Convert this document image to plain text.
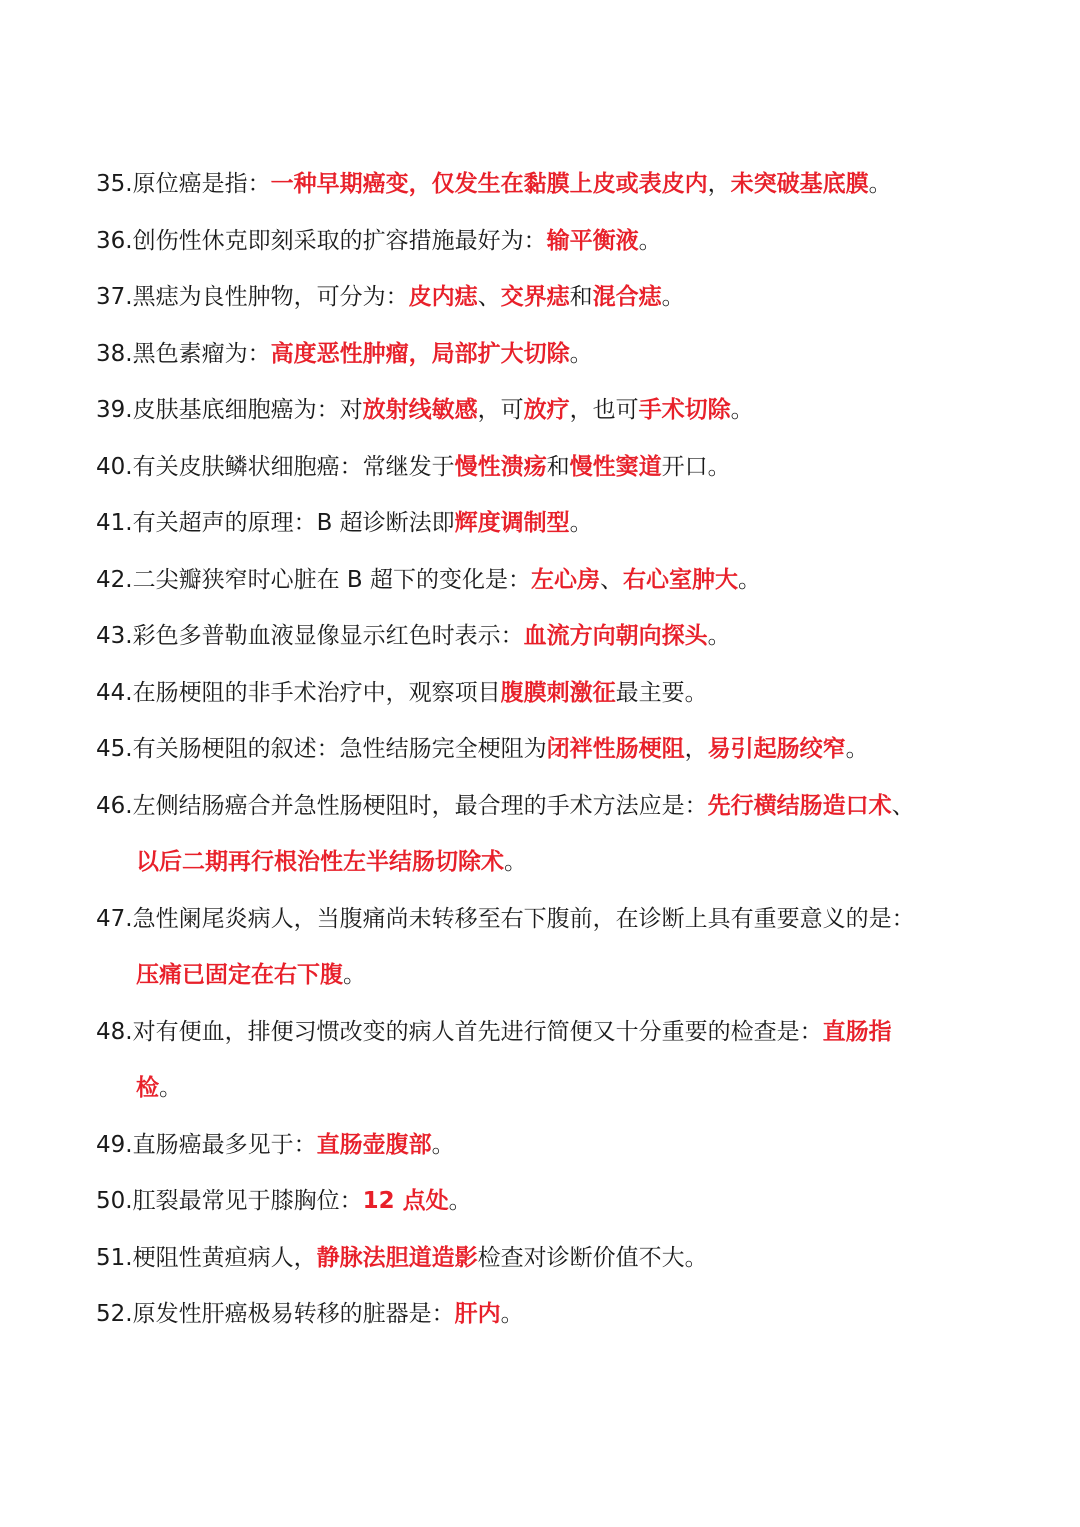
35.原位癌是指：一种早期癌变，仅发生在黏膜上皮或表皮内，未突破基底膜。
36.创伤性休克即刻采取的扩容措施最好为：输平衡液。
37.黑痣为良性肿物，可分为：皮内痣、交界痣和混合痣。
38.黑色素瘤为：高度恶性肿瘤，局部扩大切除。
39.皮肤基底细胞癌为：对放射线敏感，可放疗，也可手术切除。
40.有关皮肤鳞状细胞癌：常继发于慢性溃疡和慢性窦道开口。
41.有关超声的原理：B 超诊断法即辉度调制型。
42.二尖瓣狭窄时心脏在 B 超下的变化是：左心房、右心室肿大。
43.彩色多普勒血液显像显示红色时表示：血流方向朝向探头。
44.在肠梗阻的非手术治疗中，观察项目腹膜刺激征最主要。
45.有关肠梗阻的叙述：急性结肠完全梗阻为闭袢性肠梗阻，易引起肠绞窄。
46.左侧结肠癌合并急性肠梗阻时，最合理的手术方法应是：先行横结肠造口术、
以后二期再行根治性左半结肠切除术。
47.急性阑尾炎病人，当腹痛尚未转移至右下腹前，在诊断上具有重要意义的是：
压痛已固定在右下腹。
48.对有便血，排便习惯改变的病人首先进行简便又十分重要的检查是：直肠指
检。
49.直肠癌最多见于：直肠壶腹部。
50.肛裂最常见于膝胸位：12 点处。
51.梗阻性黄疸病人，静脉法胆道造影检查对诊断价值不大。
52.原发性肝癌极易转移的脏器是：肝内。
